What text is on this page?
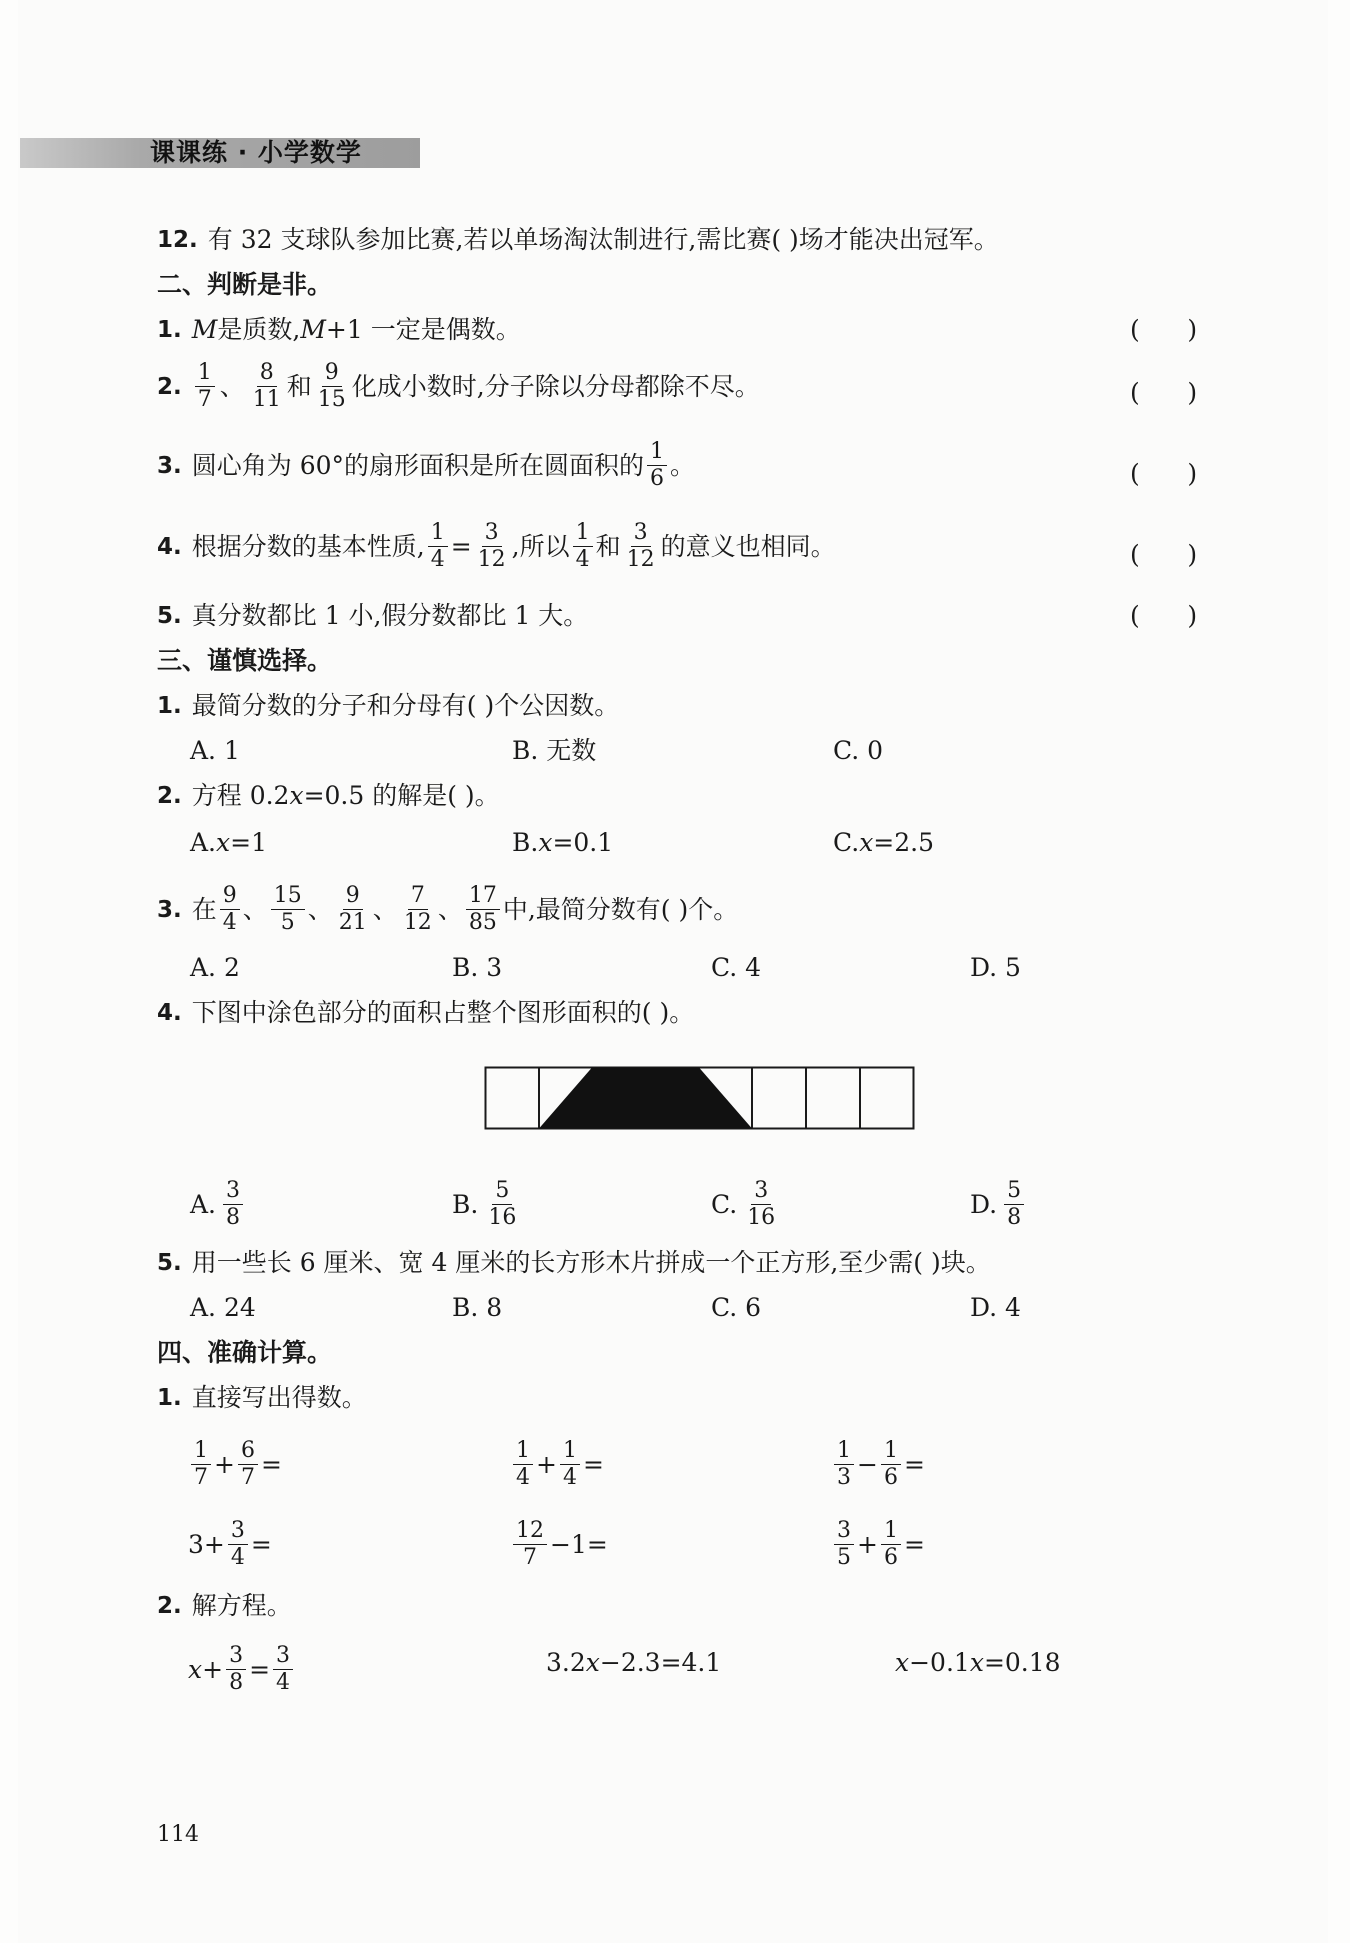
课课练 · 小学数学
12. 有 32 支球队参加比赛,若以单场淘汰制进行,需比赛( )场才能决出冠军。
二、判断是非。
1. M 是质数, M +1 一定是偶数。	(      )
2. $\frac{1}{7}$ 、 $\frac{8}{11}$ 和 $\frac{9}{15}$ 化成小数时,分子除以分母都除不尽。	(      )
3. 圆心角为 60°的扇形面积是所在圆面积的 $\frac{1}{6}$ 。	(      )
4. 根据分数的基本性质, $\frac{1}{4} = \frac{3}{12}$ ,所以 $\frac{1}{4}$ 和 $\frac{3}{12}$ 的意义也相同。	(      )
5. 真分数都比 1 小,假分数都比 1 大。	(      )
三、谨慎选择。
1. 最简分数的分子和分母有( )个公因数。
A. 1	B. 无数	C. 0
2. 方程 0.2 x =0.5 的解是( )。
A. x =1	B. x =0.1	C. x =2.5
3. 在 $\frac{9}{4}$ 、 $\frac{15}{5}$ 、 $\frac{9}{21}$ 、 $\frac{7}{12}$ 、 $\frac{17}{85}$ 中,最简分数有( )个。
A. 2	B. 3	C. 4	D. 5
4. 下图中涂色部分的面积占整个图形面积的( )。
A. $\frac{3}{8}$	B. $\frac{5}{16}$	C. $\frac{3}{16}$	D. $\frac{5}{8}$
5. 用一些长 6 厘米、宽 4 厘米的长方形木片拼成一个正方形,至少需( )块。
A. 24	B. 8	C. 6	D. 4
四、准确计算。
1. 直接写出得数。
$\frac{1}{7} + \frac{6}{7}$ =	$\frac{1}{4} + \frac{1}{4}$ =	$\frac{1}{3} - \frac{1}{6}$ =
$3+ \frac{3}{4}$ =	$\frac{12}{7} -1=$	$\frac{3}{5} + \frac{1}{6}$ =
2. 解方程。
$x + \frac{3}{8} = \frac{3}{4}$	3.2 x −2.3=4.1	x −0.1 x =0.18
114
